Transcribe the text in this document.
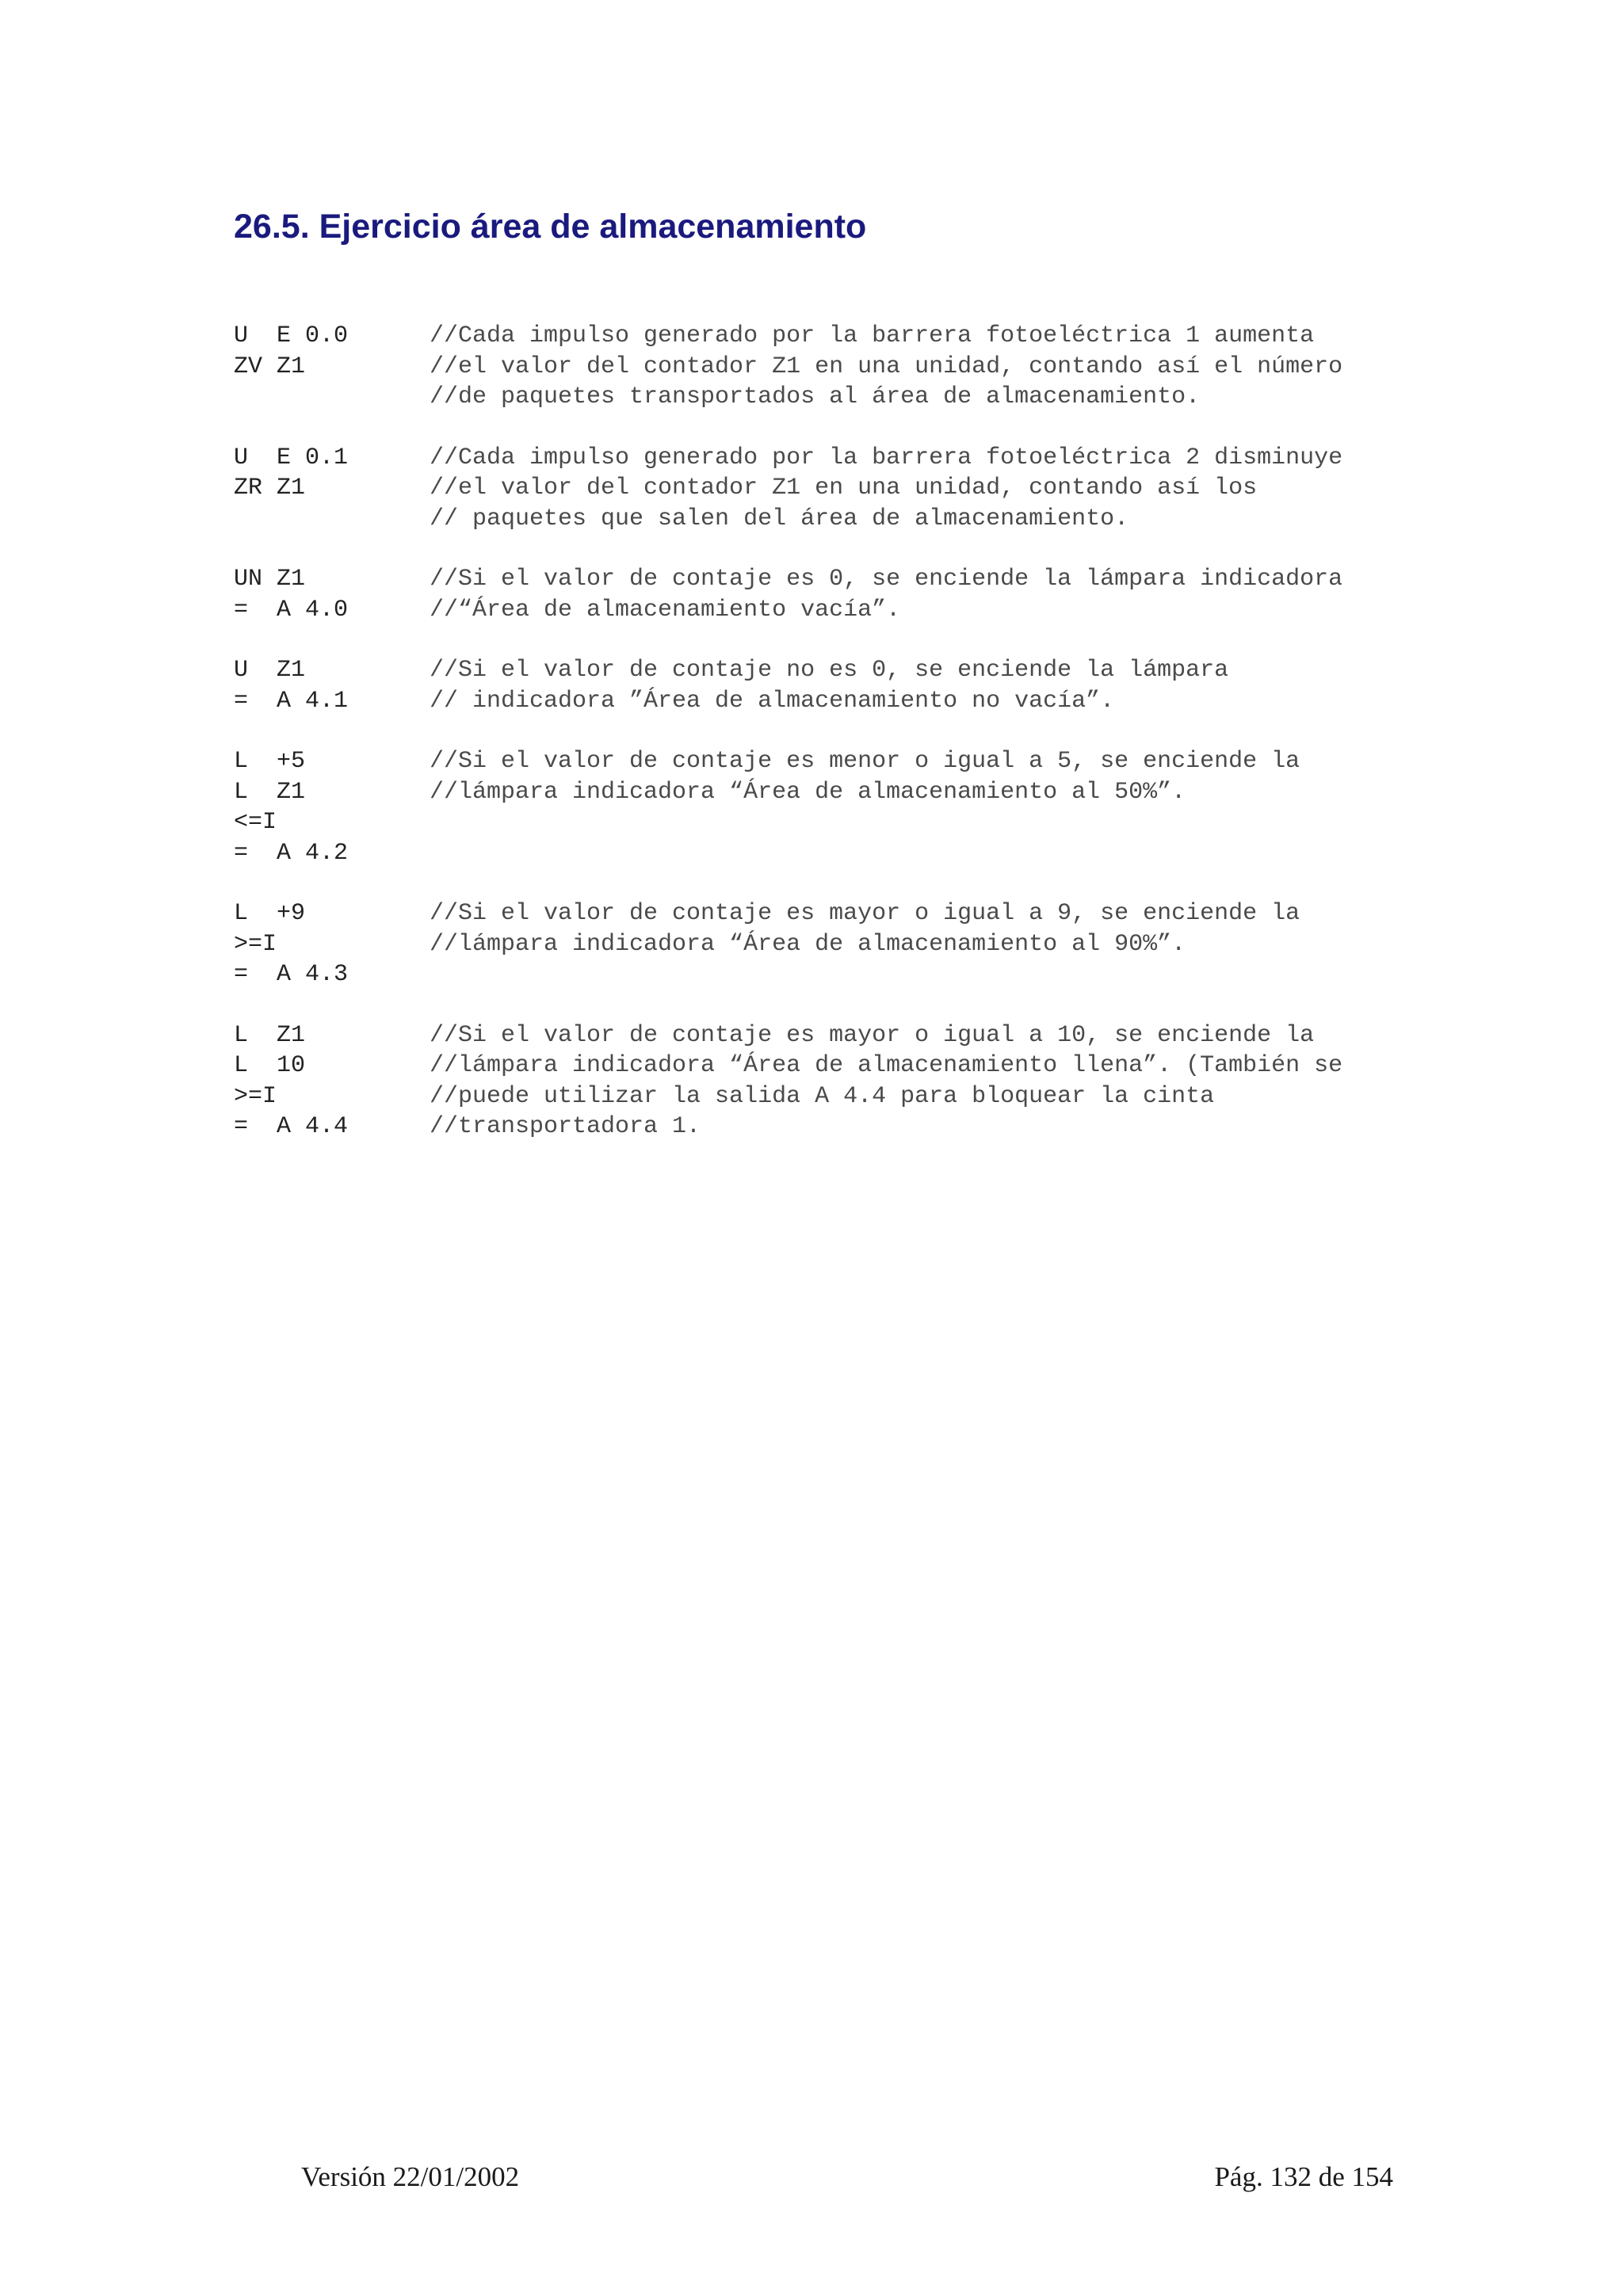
26.5. Ejercicio área de almacenamiento
U  E 0.0	//Cada impulso generado por la barrera fotoeléctrica 1 aumenta
ZV Z1	//el valor del contador Z1 en una unidad, contando así el número
//de paquetes transportados al área de almacenamiento.
U  E 0.1	//Cada impulso generado por la barrera fotoeléctrica 2 disminuye
ZR Z1	//el valor del contador Z1 en una unidad, contando así los
// paquetes que salen del área de almacenamiento.
UN Z1	//Si el valor de contaje es 0, se enciende la lámpara indicadora
=  A 4.0	//“Área de almacenamiento vacía”.
U  Z1	//Si el valor de contaje no es 0, se enciende la lámpara
=  A 4.1	// indicadora ”Área de almacenamiento no vacía”.
L  +5	//Si el valor de contaje es menor o igual a 5, se enciende la
L  Z1	//lámpara indicadora “Área de almacenamiento al 50%”.
<=I
=  A 4.2
L  +9	//Si el valor de contaje es mayor o igual a 9, se enciende la
>=I	//lámpara indicadora “Área de almacenamiento al 90%”.
=  A 4.3
L  Z1	//Si el valor de contaje es mayor o igual a 10, se enciende la
L  10	//lámpara indicadora “Área de almacenamiento llena”. (También se
>=I	//puede utilizar la salida A 4.4 para bloquear la cinta
=  A 4.4	//transportadora 1.
Versión 22/01/2002	Pág. 132 de 154
